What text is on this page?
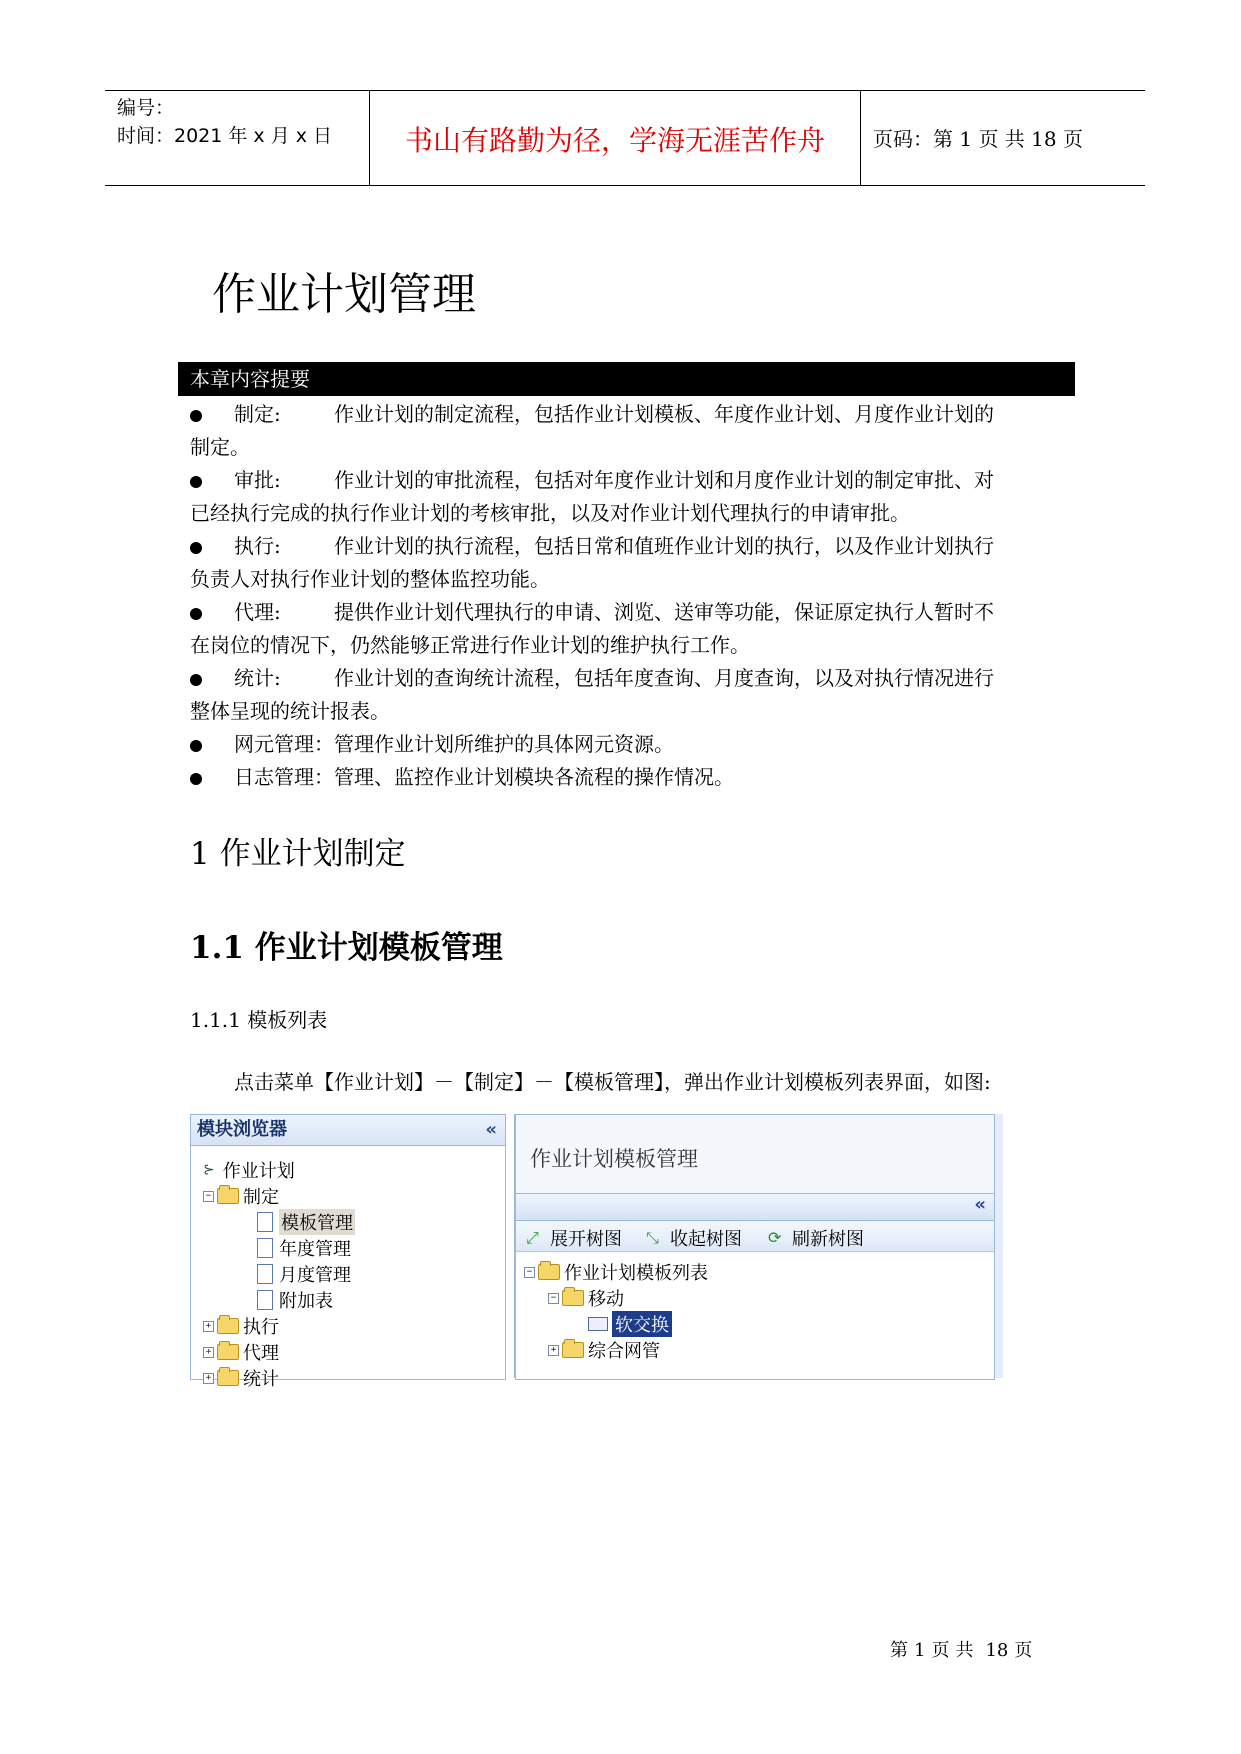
编号：
时间：2021 年 x 月 x 日	书山有路勤为径，学海无涯苦作舟	页码：第 1 页 共 18 页
作业计划管理
本章内容提要
制定:	作业计划的制定流程，包括作业计划模板、年度作业计划、月度作业计划的
制定。
审批:	作业计划的审批流程，包括对年度作业计划和月度作业计划的制定审批、对
已经执行完成的执行作业计划的考核审批，以及对作业计划代理执行的申请审批。
执行:	作业计划的执行流程，包括日常和值班作业计划的执行，以及作业计划执行
负责人对执行作业计划的整体监控功能。
代理:	提供作业计划代理执行的申请、浏览、送审等功能，保证原定执行人暂时不
在岗位的情况下，仍然能够正常进行作业计划的维护执行工作。
统计:	作业计划的查询统计流程，包括年度查询、月度查询，以及对执行情况进行
整体呈现的统计报表。
网元管理：管理作业计划所维护的具体网元资源。
日志管理：管理、监控作业计划模块各流程的操作情况。
1 作业计划制定
1.1 作业计划模板管理
1.1.1 模板列表
点击菜单【作业计划】－【制定】－【模板管理】，弹出作业计划模板列表界面，如图:
模块浏览器	«
⊱ 作业计划
− 制定
模板管理
年度管理
月度管理
附加表
+ 执行
+ 代理
+ 统计
作业计划模板管理
«
⤢ 展开树图 ⤡ 收起树图 ⟳ 刷新树图
− 作业计划模板列表
− 移动
软交换
+ 综合网管
第 1 页 共 18 页
